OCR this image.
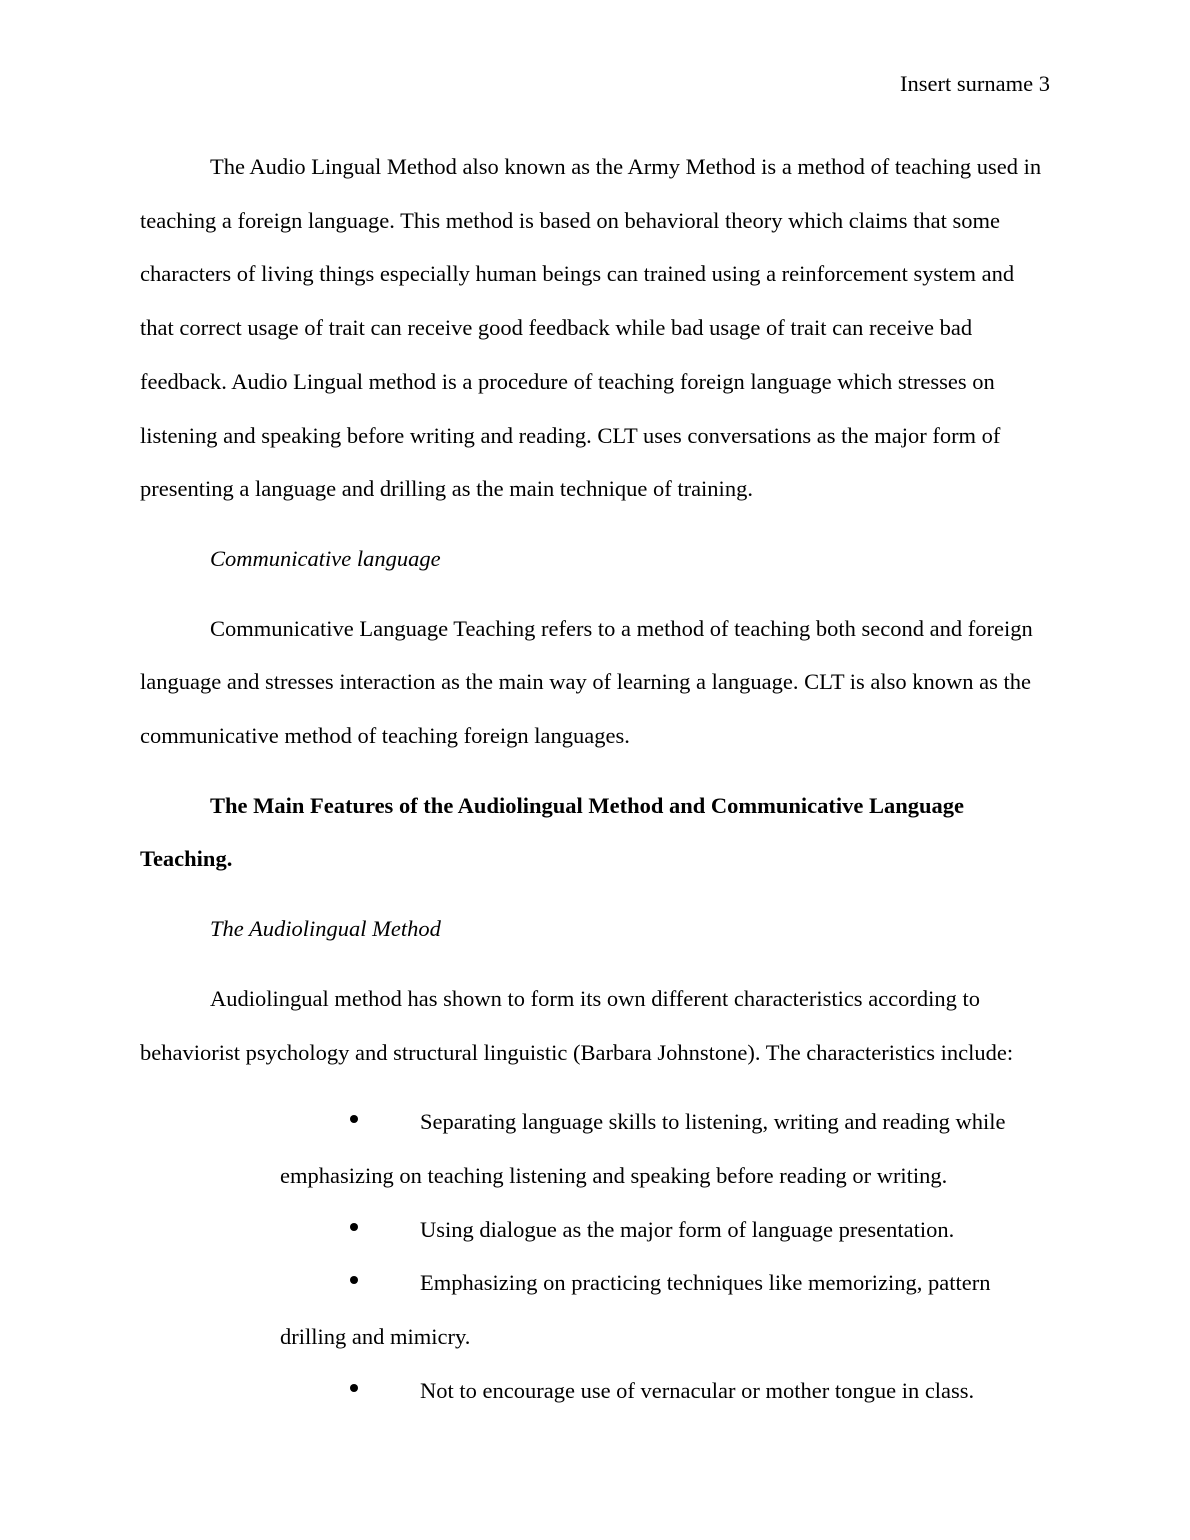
Insert surname 3

The Audio Lingual Method also known as the Army Method is a method of teaching used in teaching a foreign language. This method is based on behavioral theory which claims that some characters of living things especially human beings can trained using a reinforcement system and that correct usage of trait can receive good feedback while bad usage of trait can receive bad feedback. Audio Lingual method is a procedure of teaching foreign language which stresses on listening and speaking before writing and reading. CLT uses conversations as the major form of presenting a language and drilling as the main technique of training.

Communicative language

Communicative Language Teaching refers to a method of teaching both second and foreign language and stresses interaction as the main way of learning a language. CLT is also known as the communicative method of teaching foreign languages.

The Main Features of the Audiolingual Method and Communicative Language Teaching.

The Audiolingual Method

Audiolingual method has shown to form its own different characteristics according to behaviorist psychology and structural linguistic (Barbara Johnstone). The characteristics include:

Separating language skills to listening, writing and reading while emphasizing on teaching listening and speaking before reading or writing.
Using dialogue as the major form of language presentation.
Emphasizing on practicing techniques like memorizing, pattern drilling and mimicry.
Not to encourage use of vernacular or mother tongue in class.
